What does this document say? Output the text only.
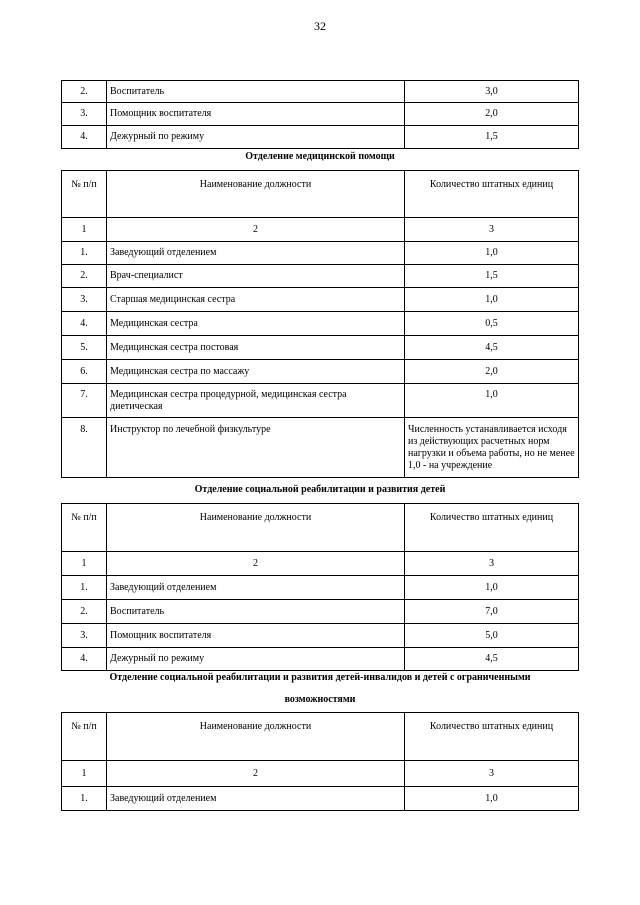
32
2.	Воспитатель	3,0
3.	Помощник воспитателя	2,0
4.	Дежурный по режиму	1,5
Отделение медицинской помощи
№ п/п	Наименование должности	Количество штатных единиц
1	2	3
1.	Заведующий отделением	1,0
2.	Врач-специалист	1,5
3.	Старшая медицинская сестра	1,0
4.	Медицинская сестра	0,5
5.	Медицинская сестра постовая	4,5
6.	Медицинская сестра по массажу	2,0
7.	Медицинская сестра процедурной, медицинская сестра диетическая	1,0
8.	Инструктор по лечебной физкультуре	Численность устанавливается исходя из действующих расчетных норм нагрузки и объема работы, но не менее 1,0 - на учреждение
Отделение социальной реабилитации и развития детей
№ п/п	Наименование должности	Количество штатных единиц
1	2	3
1.	Заведующий отделением	1,0
2.	Воспитатель	7,0
3.	Помощник воспитателя	5,0
4.	Дежурный по режиму	4,5
Отделение социальной реабилитации и развития детей-инвалидов и детей с ограниченными
возможностями
№ п/п	Наименование должности	Количество штатных единиц
1	2	3
1.	Заведующий отделением	1,0
